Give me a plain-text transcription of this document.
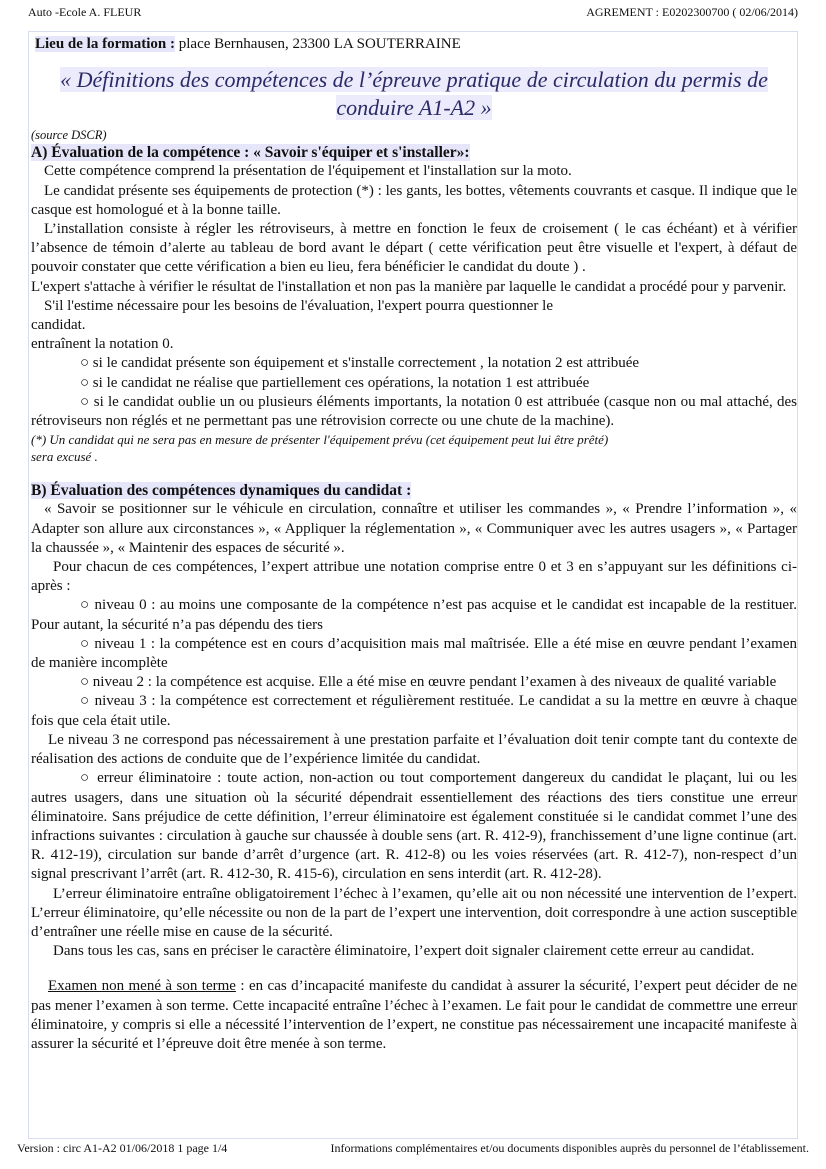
Auto -Ecole A. FLEUR	AGREMENT : E0202300700 ( 02/06/2014)
Lieu de la formation : place Bernhausen, 23300 LA SOUTERRAINE
« Définitions des compétences de l’épreuve pratique de circulation du permis de conduire A1-A2 »
(source DSCR)
A) Évaluation de la compétence : « Savoir s'équiper et s'installer»:

Cette compétence comprend la présentation de l'équipement et l'installation sur la moto.

Le candidat présente ses équipements de protection (*) : les gants, les bottes, vêtements couvrants et casque. Il indique que le casque est homologué et à la bonne taille.

L’installation consiste à régler les rétroviseurs, à mettre en fonction le feux de croisement ( le cas échéant) et à vérifier l’absence de témoin d’alerte au tableau de bord avant le départ ( cette vérification peut être visuelle et l'expert, à défaut de pouvoir constater que cette vérification a bien eu lieu, fera bénéficier le candidat du doute ) .

L'expert s'attache à vérifier le résultat de l'installation et non pas la manière par laquelle le candidat a procédé pour y parvenir.

S'il l'estime nécessaire pour les besoins de l'évaluation, l'expert pourra questionner le

candidat.

entraînent la notation 0.

○ si le candidat présente son équipement et s'installe correctement , la notation 2 est attribuée

○ si le candidat ne réalise que partiellement ces opérations, la notation 1 est attribuée

○ si le candidat oublie un ou plusieurs éléments importants, la notation 0 est attribuée (casque non ou mal attaché, des rétroviseurs non réglés et ne permettant pas une rétrovision correcte ou une chute de la machine).

(*) Un candidat qui ne sera pas en mesure de présenter l'équipement prévu (cet équipement peut lui être prêté)

sera excusé .

B) Évaluation des compétences dynamiques du candidat :

« Savoir se positionner sur le véhicule en circulation, connaître et utiliser les commandes », « Prendre l’information », « Adapter son allure aux circonstances », « Appliquer la réglementation », « Communiquer avec les autres usagers », « Partager la chaussée », « Maintenir des espaces de sécurité ».

Pour chacun de ces compétences, l’expert attribue une notation comprise entre 0 et 3 en s’appuyant sur les définitions ci-après :

○ niveau 0 : au moins une composante de la compétence n’est pas acquise et le candidat est incapable de la restituer. Pour autant, la sécurité n’a pas dépendu des tiers

○ niveau 1 : la compétence est en cours d’acquisition mais mal maîtrisée. Elle a été mise en œuvre pendant l’examen de manière incomplète

○ niveau 2 : la compétence est acquise. Elle a été mise en œuvre pendant l’examen à des niveaux de qualité variable

○ niveau 3 : la compétence est correctement et régulièrement restituée. Le candidat a su la mettre en œuvre à chaque fois que cela était utile.

Le niveau 3 ne correspond pas nécessairement à une prestation parfaite et l’évaluation doit tenir compte tant du contexte de réalisation des actions de conduite que de l’expérience limitée du candidat.

○ erreur éliminatoire : toute action, non-action ou tout comportement dangereux du candidat le plaçant, lui ou les autres usagers, dans une situation où la sécurité dépendrait essentiellement des réactions des tiers constitue une erreur éliminatoire. Sans préjudice de cette définition, l’erreur éliminatoire est également constituée si le candidat commet l’une des infractions suivantes : circulation à gauche sur chaussée à double sens (art. R. 412-9), franchissement d’une ligne continue (art. R. 412-19), circulation sur bande d’arrêt d’urgence (art. R. 412-8) ou les voies réservées (art. R. 412-7), non-respect d’un signal prescrivant l’arrêt (art. R. 412-30, R. 415-6), circulation en sens interdit (art. R. 412-28).

L’erreur éliminatoire entraîne obligatoirement l’échec à l’examen, qu’elle ait ou non nécessité une intervention de l’expert. L’erreur éliminatoire, qu’elle nécessite ou non de la part de l’expert une intervention, doit correspondre à une action susceptible d’entraîner une réelle mise en cause de la sécurité.

Dans tous les cas, sans en préciser le caractère éliminatoire, l’expert doit signaler clairement cette erreur au candidat.

Examen non mené à son terme : en cas d’incapacité manifeste du candidat à assurer la sécurité, l’expert peut décider de ne pas mener l’examen à son terme. Cette incapacité entraîne l’échec à l’examen. Le fait pour le candidat de commettre une erreur éliminatoire, y compris si elle a nécessité l’intervention de l’expert, ne constitue pas nécessairement une incapacité manifeste à assurer la sécurité et l’épreuve doit être menée à son terme.

Version : circ A1-A2 01/06/2018 1 page 1/4	Informations complémentaires et/ou documents disponibles auprès du personnel de l’établissement.
